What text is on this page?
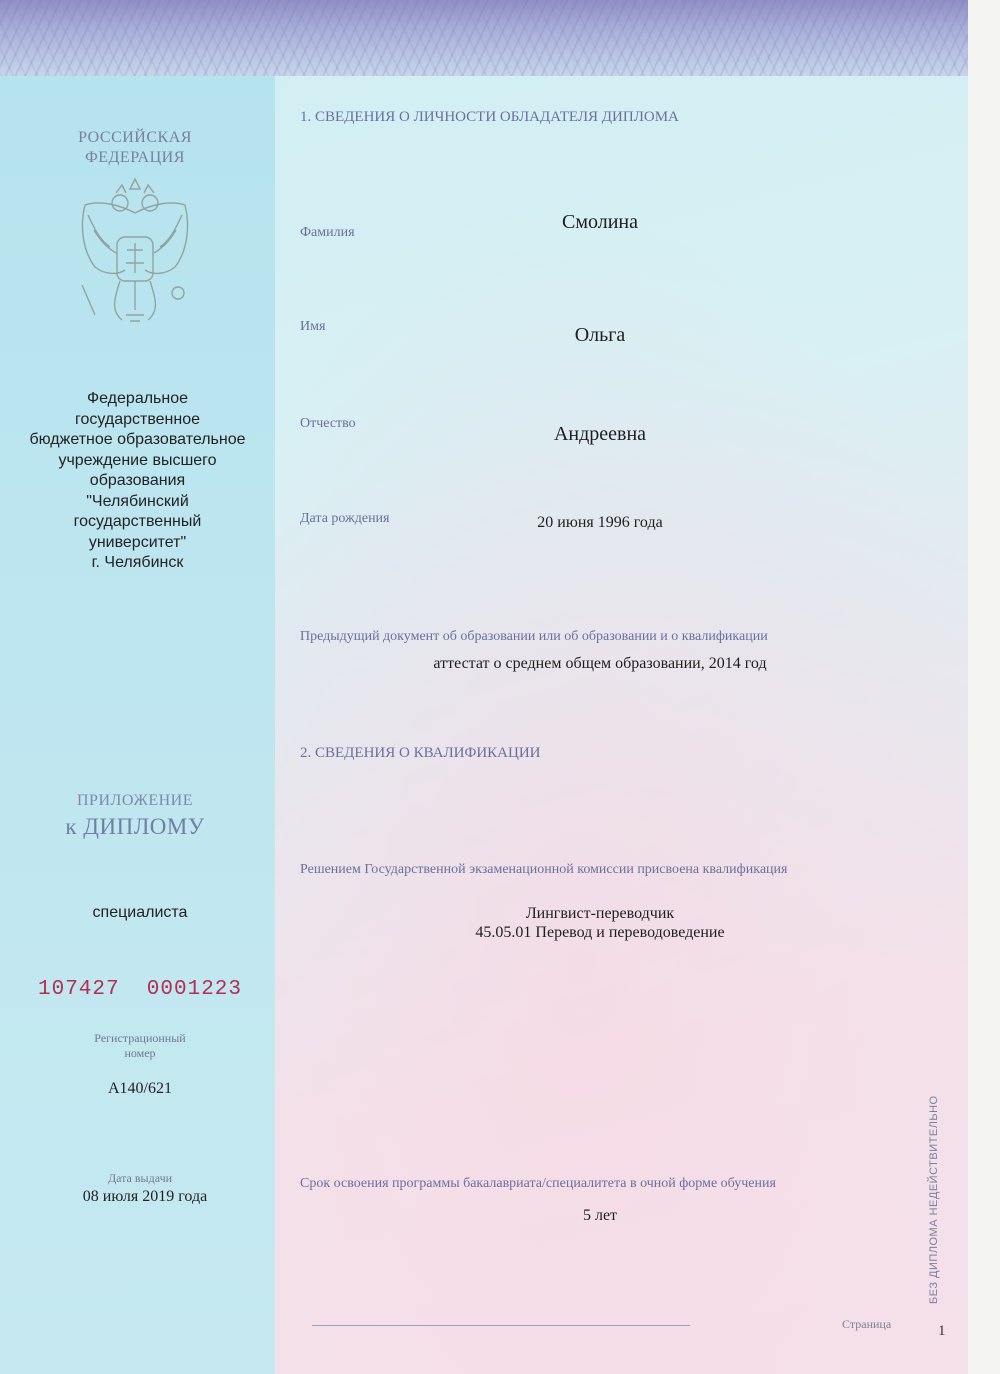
РОССИЙСКАЯ
ФЕДЕРАЦИЯ
Федеральное
государственное
бюджетное образовательное
учреждение высшего
образования
"Челябинский
государственный
университет"
г. Челябинск
ПРИЛОЖЕНИЕ
к ДИПЛОМУ
специалиста
107427  0001223
Регистрационный
номер
А140/621
Дата выдачи
08 июля 2019 года
1. СВЕДЕНИЯ О ЛИЧНОСТИ ОБЛАДАТЕЛЯ ДИПЛОМА
Фамилия	Смолина
Имя	Ольга
Отчество	Андреевна
Дата рождения	20 июня 1996 года
Предыдущий документ об образовании или об образовании и о квалификации
аттестат о среднем общем образовании, 2014 год
2. СВЕДЕНИЯ О КВАЛИФИКАЦИИ
Решением Государственной экзаменационной комиссии присвоена квалификация
Лингвист-переводчик
45.05.01 Перевод и переводоведение
Срок освоения программы бакалавриата/специалитета в очной форме обучения
5 лет	БЕЗ ДИПЛОМА НЕДЕЙСТВИТЕЛЬНО
Страница	1
